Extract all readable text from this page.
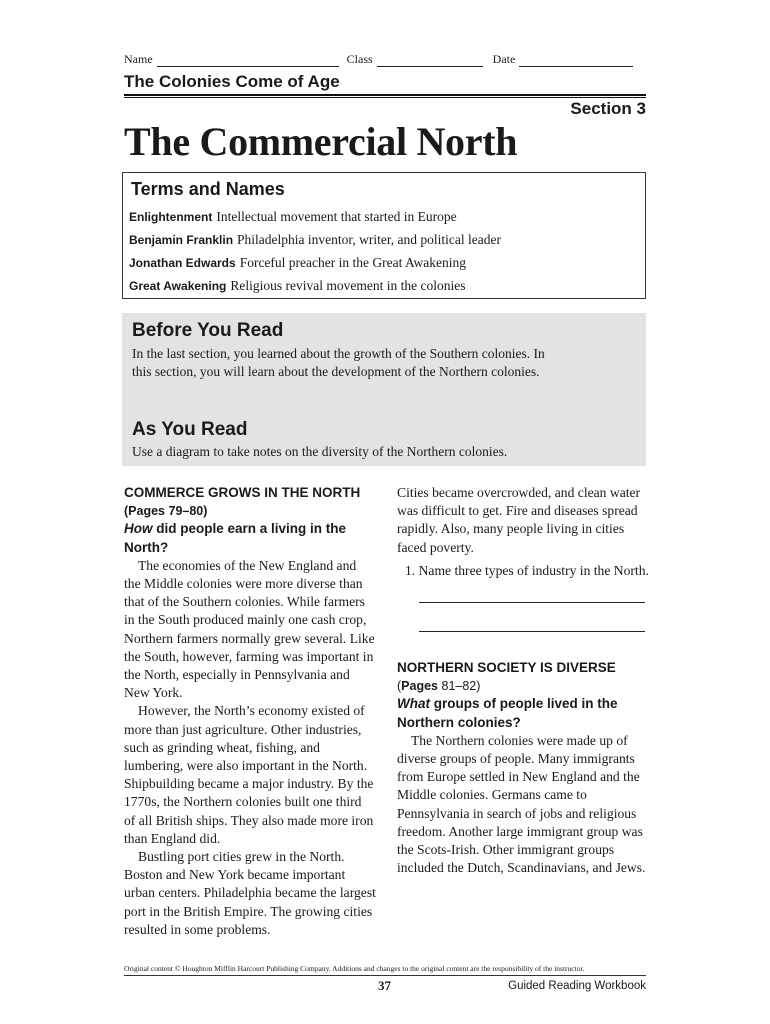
Name	Class	Date
The Colonies Come of Age
Section 3
The Commercial North
Terms and Names
Enlightenment Intellectual movement that started in Europe
Benjamin Franklin Philadelphia inventor, writer, and political leader
Jonathan Edwards Forceful preacher in the Great Awakening
Great Awakening Religious revival movement in the colonies
Before You Read

In the last section, you learned about the growth of the Southern colonies. In this section, you will learn about the development of the Northern colonies.

As You Read

Use a diagram to take notes on the diversity of the Northern colonies.

COMMERCE GROWS IN THE NORTH (Pages 79–80)
How did people earn a living in the North?

The economies of the New England and the Middle colonies were more diverse than that of the Southern colonies. While farmers in the South produced mainly one cash crop, Northern farmers normally grew several. Like the South, however, farming was important in the North, especially in Pennsylvania and New York.

However, the North’s economy existed of more than just agriculture. Other industries, such as grinding wheat, fishing, and lumbering, were also important in the North. Shipbuilding became a major industry. By the 1770s, the Northern colonies built one third of all British ships. They also made more iron than England did.

Bustling port cities grew in the North. Boston and New York became important urban centers. Philadelphia became the largest port in the British Empire. The growing cities resulted in some problems.

Cities became overcrowded, and clean water was difficult to get. Fire and diseases spread rapidly. Also, many people living in cities faced poverty.

1. Name three types of industry in the North.
NORTHERN SOCIETY IS DIVERSE
(Pages 81–82)
What groups of people lived in the Northern colonies?

The Northern colonies were made up of diverse groups of people. Many immigrants from Europe settled in New England and the Middle colonies. Germans came to Pennsylvania in search of jobs and religious freedom. Another large immigrant group was the Scots-Irish. Other immigrant groups included the Dutch, Scandinavians, and Jews.

Original content © Houghton Mifflin Harcourt Publishing Company. Additions and changes to the original content are the responsibility of the instructor.
37	Guided Reading Workbook
